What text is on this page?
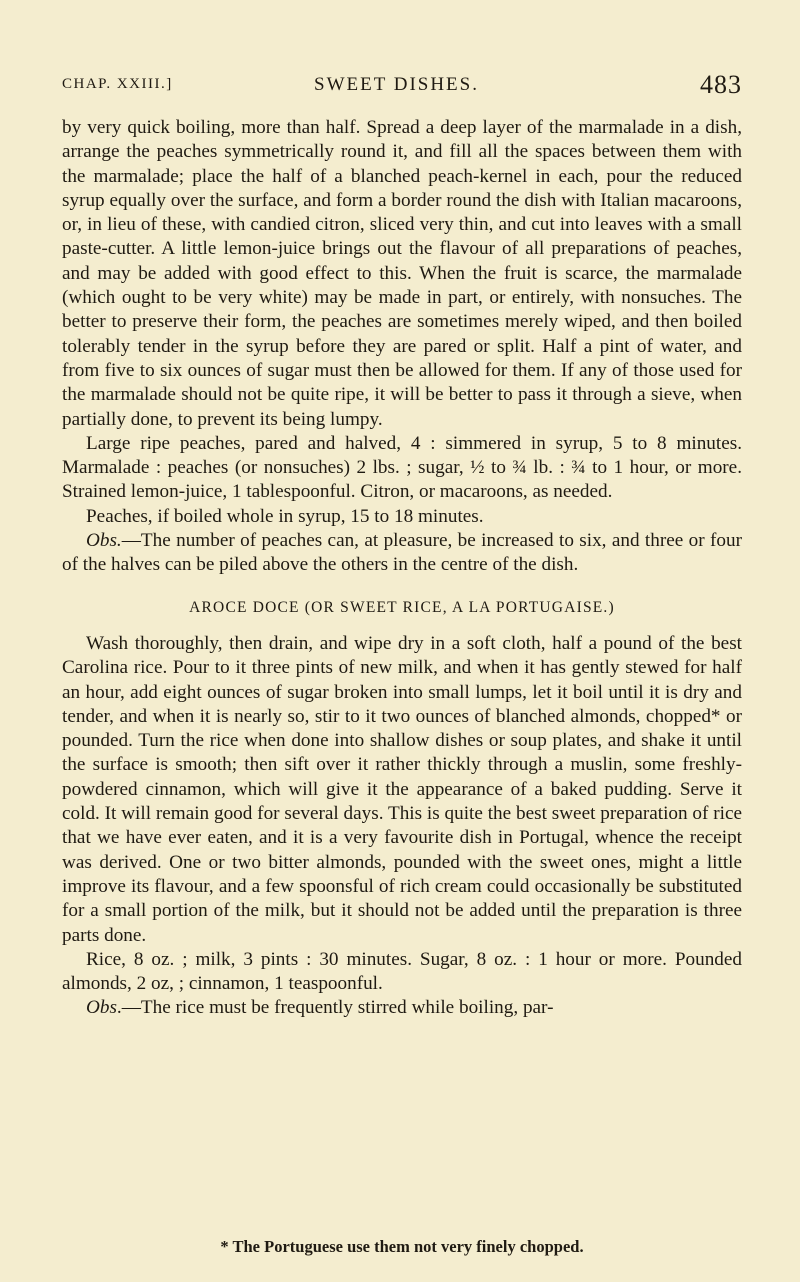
CHAP. XXIII.]	SWEET DISHES.	483

by very quick boiling, more than half. Spread a deep layer of the marmalade in a dish, arrange the peaches symmetrically round it, and fill all the spaces between them with the marmalade; place the half of a blanched peach-kernel in each, pour the reduced syrup equally over the surface, and form a border round the dish with Italian macaroons, or, in lieu of these, with candied citron, sliced very thin, and cut into leaves with a small paste-cutter. A little lemon-juice brings out the flavour of all preparations of peaches, and may be added with good effect to this. When the fruit is scarce, the marmalade (which ought to be very white) may be made in part, or entirely, with nonsuches. The better to preserve their form, the peaches are sometimes merely wiped, and then boiled tolerably tender in the syrup before they are pared or split. Half a pint of water, and from five to six ounces of sugar must then be allowed for them. If any of those used for the marmalade should not be quite ripe, it will be better to pass it through a sieve, when partially done, to prevent its being lumpy.

Large ripe peaches, pared and halved, 4 : simmered in syrup, 5 to 8 minutes. Marmalade : peaches (or nonsuches) 2 lbs. ; sugar, ½ to ¾ lb. : ¾ to 1 hour, or more. Strained lemon-juice, 1 tablespoonful. Citron, or macaroons, as needed.

Peaches, if boiled whole in syrup, 15 to 18 minutes.

Obs.—The number of peaches can, at pleasure, be increased to six, and three or four of the halves can be piled above the others in the centre of the dish.

AROCE DOCE (OR SWEET RICE, A LA PORTUGAISE.)

Wash thoroughly, then drain, and wipe dry in a soft cloth, half a pound of the best Carolina rice. Pour to it three pints of new milk, and when it has gently stewed for half an hour, add eight ounces of sugar broken into small lumps, let it boil until it is dry and tender, and when it is nearly so, stir to it two ounces of blanched almonds, chopped* or pounded. Turn the rice when done into shallow dishes or soup plates, and shake it until the surface is smooth; then sift over it rather thickly through a muslin, some freshly-powdered cinnamon, which will give it the appearance of a baked pudding. Serve it cold. It will remain good for several days. This is quite the best sweet preparation of rice that we have ever eaten, and it is a very favourite dish in Portugal, whence the receipt was derived. One or two bitter almonds, pounded with the sweet ones, might a little improve its flavour, and a few spoonsful of rich cream could occasionally be substituted for a small portion of the milk, but it should not be added until the preparation is three parts done.

Rice, 8 oz. ; milk, 3 pints : 30 minutes. Sugar, 8 oz. : 1 hour or more. Pounded almonds, 2 oz, ; cinnamon, 1 teaspoonful.

Obs.—The rice must be frequently stirred while boiling, par-

* The Portuguese use them not very finely chopped.
